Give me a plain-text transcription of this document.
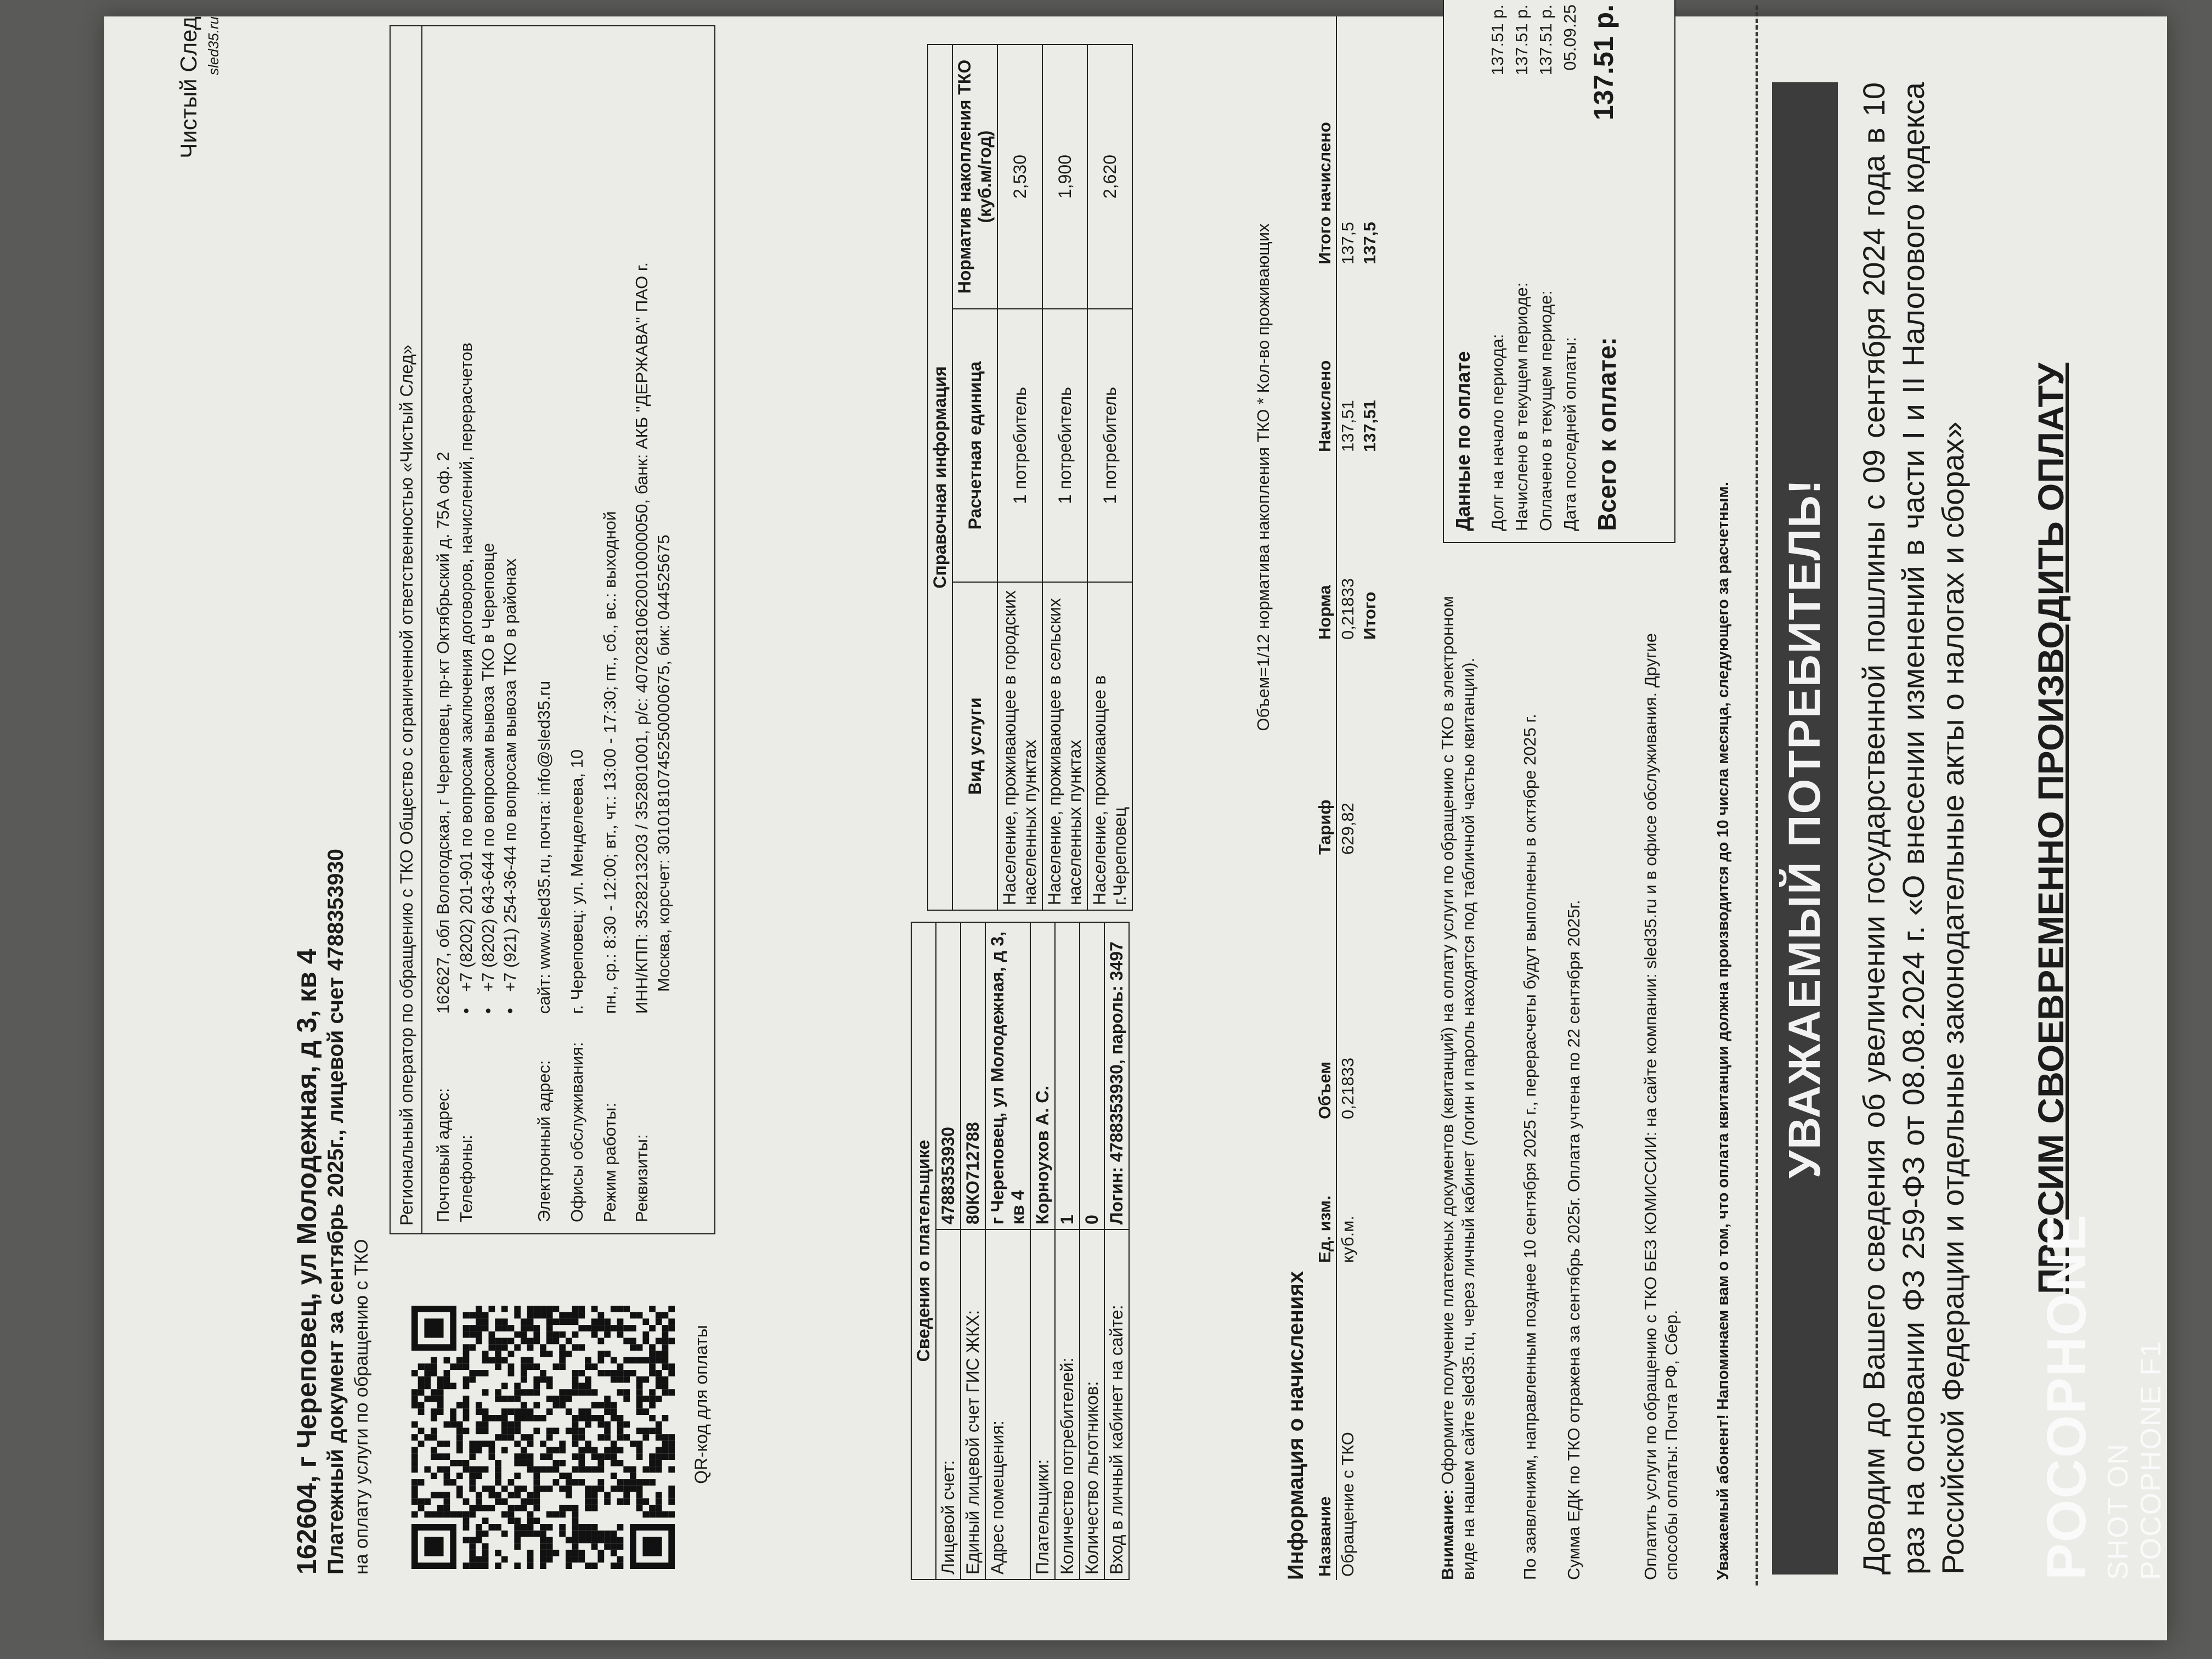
162604, г Череповец, ул Молодежная, д 3, кв 4 Платежный документ за сентябрь 2025г., лицевой счет 4788353930 на оплату услуги по обращению с ТКО
Чистый След sled35.ru
QR-код для оплаты
Региональный оператор по обращению с ТКО Общество с ограниченной ответственностью «Чистый След»	Почтовый адрес:
162627, обл Вологодская, г Череповец, пр-кт Октябрьский д. 75А оф. 2
Телефоны:
•
+7 (8202) 201-901 по вопросам заключения договоров, начислений, перерасчетов
•
+7 (8202) 643-644 по вопросам вывоза ТКО в Череповце
•
+7 (921) 254-36-44 по вопросам вывоза ТКО в районах
Электронный адрес:
сайт: www.sled35.ru, почта: info@sled35.ru
Офисы обслуживания:
г. Череповец: ул. Менделеева, 10
Режим работы:
пн., ср.: 8:30 - 12:00; вт., чт.: 13:00 - 17:30; пт., сб., вс.: выходной
Реквизиты:
ИНН/КПП: 3528213203 / 352801001, р/с: 40702810620010000050, банк: АКБ "ДЕРЖАВА" ПАО г. Москва, корсчет: 30101810745250000675, бик: 044525675
Сведения о плательщике	
Лицевой счет:	4788353930
Единый лицевой счет ГИС ЖКХ:	80КО712788
Адрес помещения:	г Череповец, ул Молодежная, д 3, кв 4
Плательщики:	Корноухов А. С.
Количество потребителей:	1
Количество льготников:	0
Вход в личный кабинет на сайте:	Логин: 4788353930, пароль: 3497
Справочная информация		
Вид услуги	Расчетная единица	Норматив накопления ТКО (куб.м/год)
Население, проживающее в городских населенных пунктах	1 потребитель	2,530
Население, проживающее в сельских населенных пунктах	1 потребитель	1,900
Население, проживающее в г.Череповец	1 потребитель	2,620
Объем=1/12 норматива накопления ТКО * Кол-во проживающих
Информация о начислениях Название	Ед. изм.	Объем	Тариф	Норма	Начислено	Итого начислено
Обращение с ТКО	куб.м.	0,21833	629,82	0,21833	137,51	137,5
				Итого	137,51	137,5
Внимание: Оформите получение платежных документов (квитанций) на оплату услуги по обращению с ТКО в электронном виде на нашем сайте sled35.ru, через личный кабинет (логин и пароль находятся под табличной частью квитанции). По заявлениям, направленным позднее 10 сентября 2025 г., перерасчеты будут выполнены в октябре 2025 г. Сумма ЕДК по ТКО отражена за сентябрь 2025г. Оплата учтена по 22 сентября 2025г.	Оплатить услуги по обращению с ТКО БЕЗ КОМИССИИ: на сайте компании: sled35.ru и в офисе обслуживания. Другие способы оплаты: Почта РФ, Сбер. Уважаемый абонент! Напоминаем вам о том, что оплата квитанции должна производится до 10 числа месяца, следующего за расчетным.
Данные по оплате Долг на начало периода:
137.51 р.
Начислено в текущем периоде:
137.51 р.
Оплачено в текущем периоде:
137.51 р.
Дата последней оплаты:
05.09.25
Всего к оплате:
137.51 р.
УВАЖАЕМЫЙ ПОТРЕБИТЕЛЬ! Доводим до Вашего сведения об увеличении государственной пошлины с 09 сентября 2024 года в 10 раз на основании ФЗ 259-ФЗ от 08.08.2024 г. «О внесении изменений в части I и II Налогового кодекса Российской Федерации и отдельные законодательные акты о налогах и сборах» ПРОСИМ СВОЕВРЕМЕННО ПРОИЗВОДИТЬ ОПЛАТУ
POCOPHONE SHOT ON POCOPHONE F1
